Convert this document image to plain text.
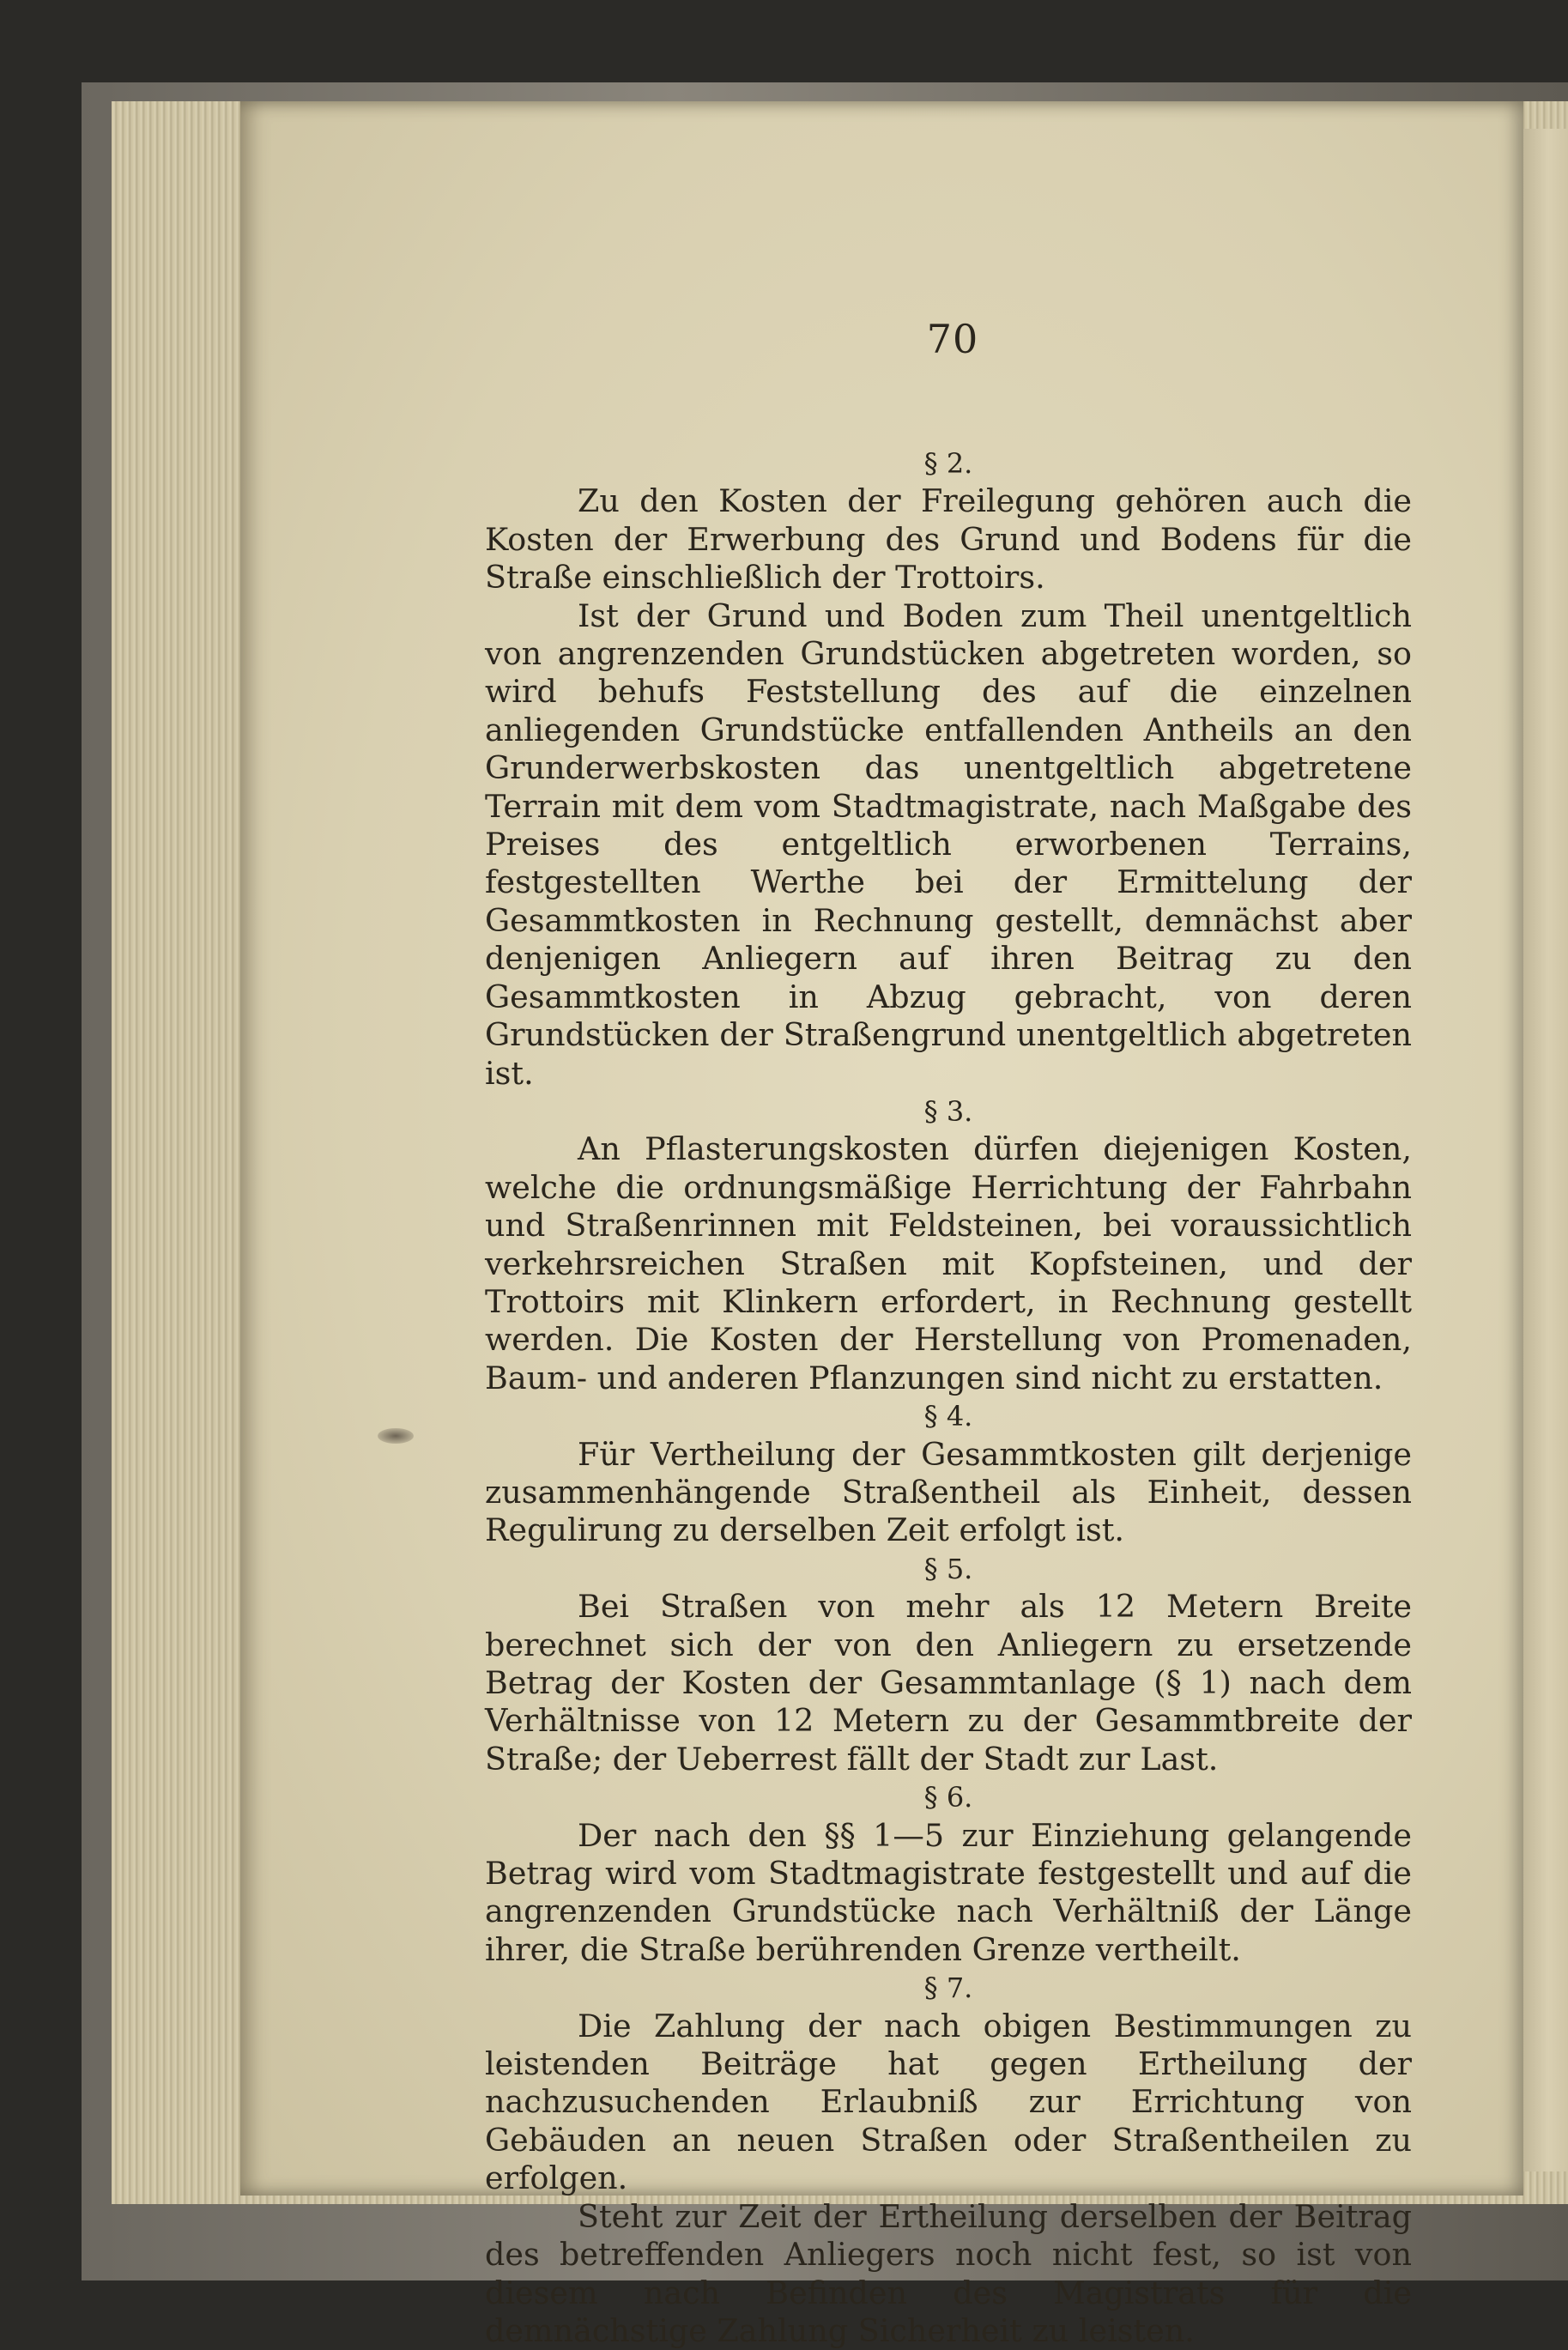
70

§ 2.

Zu den Kosten der Freilegung gehören auch die Kosten der Erwerbung des Grund und Bodens für die Straße einschließlich der Trottoirs.

Ist der Grund und Boden zum Theil unentgeltlich von angrenzenden Grundstücken abgetreten worden, so wird behufs Feststellung des auf die einzelnen anliegenden Grundstücke entfallenden Antheils an den Grunderwerbskosten das unentgeltlich abgetretene Terrain mit dem vom Stadtmagistrate, nach Maßgabe des Preises des entgeltlich erworbenen Terrains, festgestellten Werthe bei der Ermittelung der Gesammtkosten in Rechnung gestellt, demnächst aber denjenigen Anliegern auf ihren Beitrag zu den Gesammtkosten in Abzug gebracht, von deren Grundstücken der Straßengrund unentgeltlich abgetreten ist.

§ 3.

An Pflasterungskosten dürfen diejenigen Kosten, welche die ordnungsmäßige Herrichtung der Fahrbahn und Straßenrinnen mit Feldsteinen, bei voraussichtlich verkehrsreichen Straßen mit Kopfsteinen, und der Trottoirs mit Klinkern erfordert, in Rechnung gestellt werden. Die Kosten der Herstellung von Promenaden, Baum- und anderen Pflanzungen sind nicht zu erstatten.

§ 4.

Für Vertheilung der Gesammtkosten gilt derjenige zusammenhängende Straßentheil als Einheit, dessen Regulirung zu derselben Zeit erfolgt ist.

§ 5.

Bei Straßen von mehr als 12 Metern Breite berechnet sich der von den Anliegern zu ersetzende Betrag der Kosten der Gesammtanlage (§ 1) nach dem Verhältnisse von 12 Metern zu der Gesammtbreite der Straße; der Ueberrest fällt der Stadt zur Last.

§ 6.

Der nach den §§ 1—5 zur Einziehung gelangende Betrag wird vom Stadtmagistrate festgestellt und auf die angrenzenden Grundstücke nach Verhältniß der Länge ihrer, die Straße berührenden Grenze vertheilt.

§ 7.

Die Zahlung der nach obigen Bestimmungen zu leistenden Beiträge hat gegen Ertheilung der nachzusuchenden Erlaubniß zur Errichtung von Gebäuden an neuen Straßen oder Straßentheilen zu erfolgen.

Steht zur Zeit der Ertheilung derselben der Beitrag des betreffenden Anliegers noch nicht fest, so ist von diesem nach Befinden des Magistrats für die demnächstige Zahlung Sicherheit zu leisten.
